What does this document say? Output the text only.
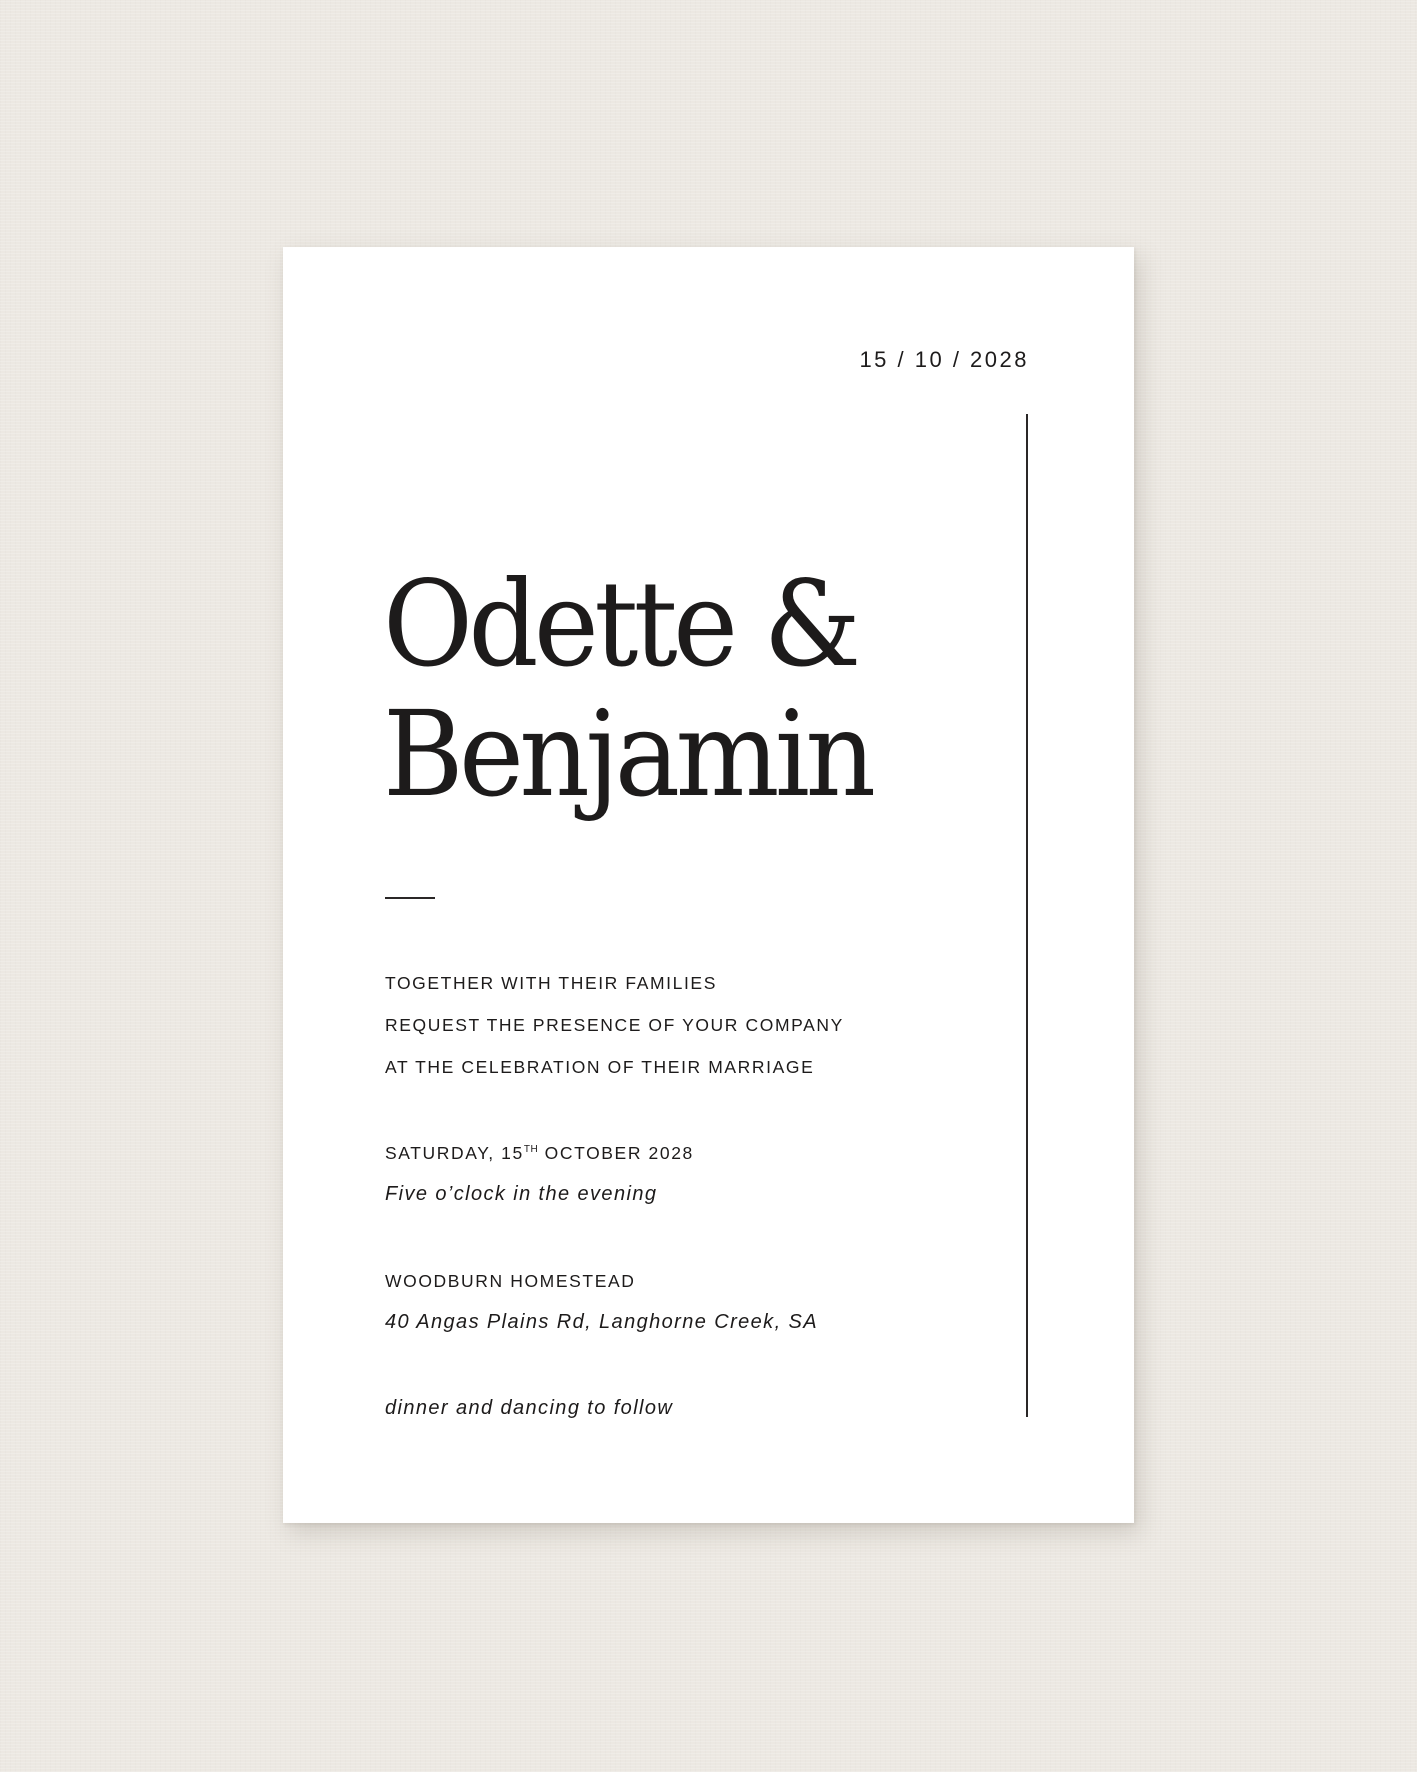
15 / 10 / 2028
Odette &
Benjamin
TOGETHER WITH THEIR FAMILIES
REQUEST THE PRESENCE OF YOUR COMPANY
AT THE CELEBRATION OF THEIR MARRIAGE
SATURDAY, 15TH OCTOBER 2028
Five o’clock in the evening
WOODBURN HOMESTEAD
40 Angas Plains Rd, Langhorne Creek, SA
dinner and dancing to follow
